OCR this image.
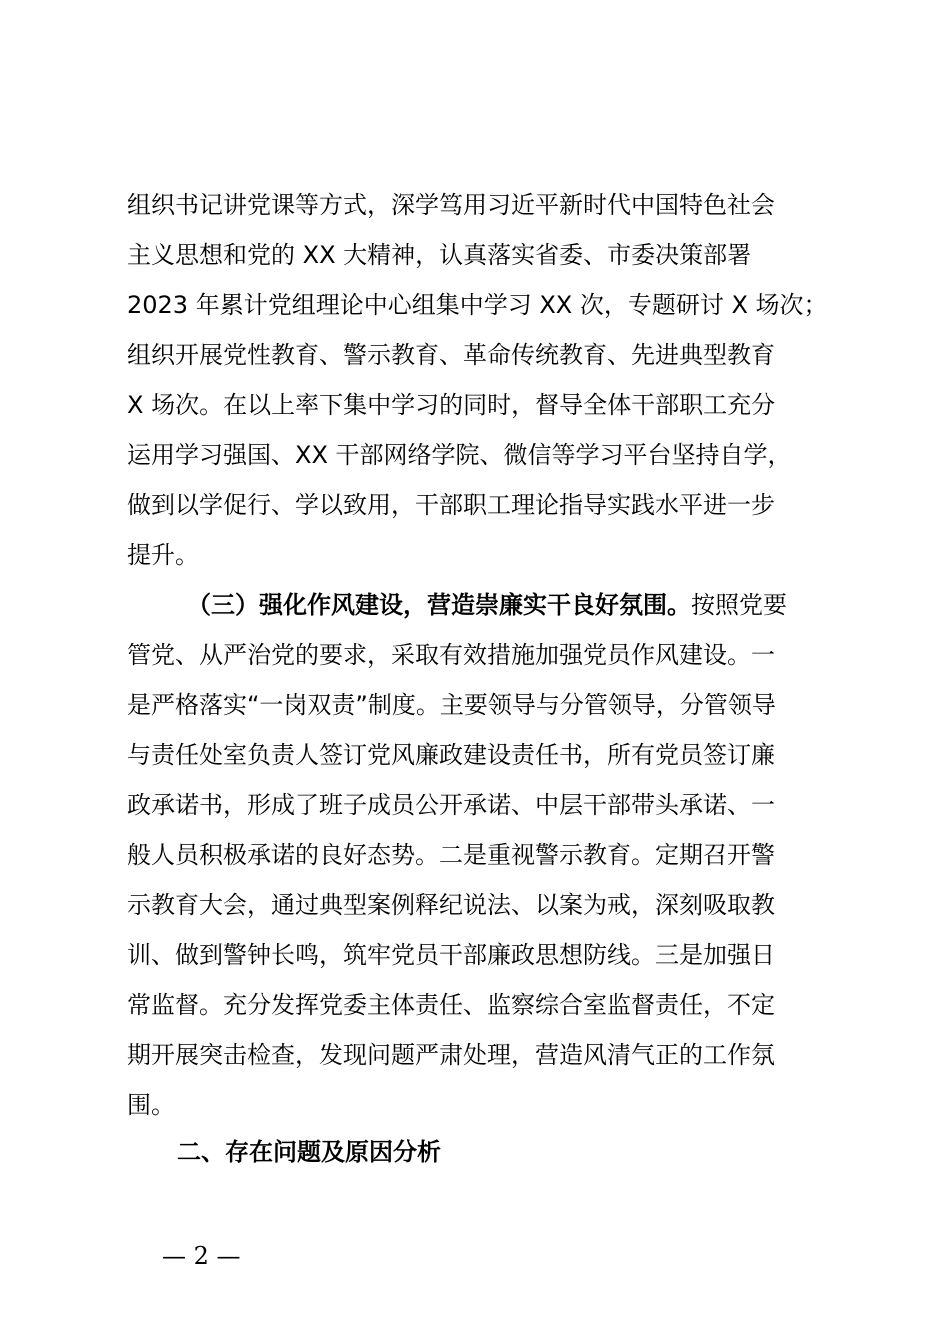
组织书记讲党课等方式，深学笃用习近平新时代中国特色社会
主义思想和党的 XX 大精神，认真落实省委、市委决策部署
2023 年累计党组理论中心组集中学习 XX 次，专题研讨 X 场次；
组织开展党性教育、警示教育、革命传统教育、先进典型教育
X 场次。在以上率下集中学习的同时，督导全体干部职工充分
运用学习强国、XX 干部网络学院、微信等学习平台坚持自学，
做到以学促行、学以致用，干部职工理论指导实践水平进一步
提升。
（三）强化作风建设，营造崇廉实干良好氛围。按照党要
管党、从严治党的要求，采取有效措施加强党员作风建设。一
是严格落实“一岗双责”制度。主要领导与分管领导，分管领导
与责任处室负责人签订党风廉政建设责任书，所有党员签订廉
政承诺书，形成了班子成员公开承诺、中层干部带头承诺、一
般人员积极承诺的良好态势。二是重视警示教育。定期召开警
示教育大会，通过典型案例释纪说法、以案为戒，深刻吸取教
训、做到警钟长鸣，筑牢党员干部廉政思想防线。三是加强日
常监督。充分发挥党委主体责任、监察综合室监督责任，不定
期开展突击检查，发现问题严肃处理，营造风清气正的工作氛
围。
二、存在问题及原因分析
— 2 —
